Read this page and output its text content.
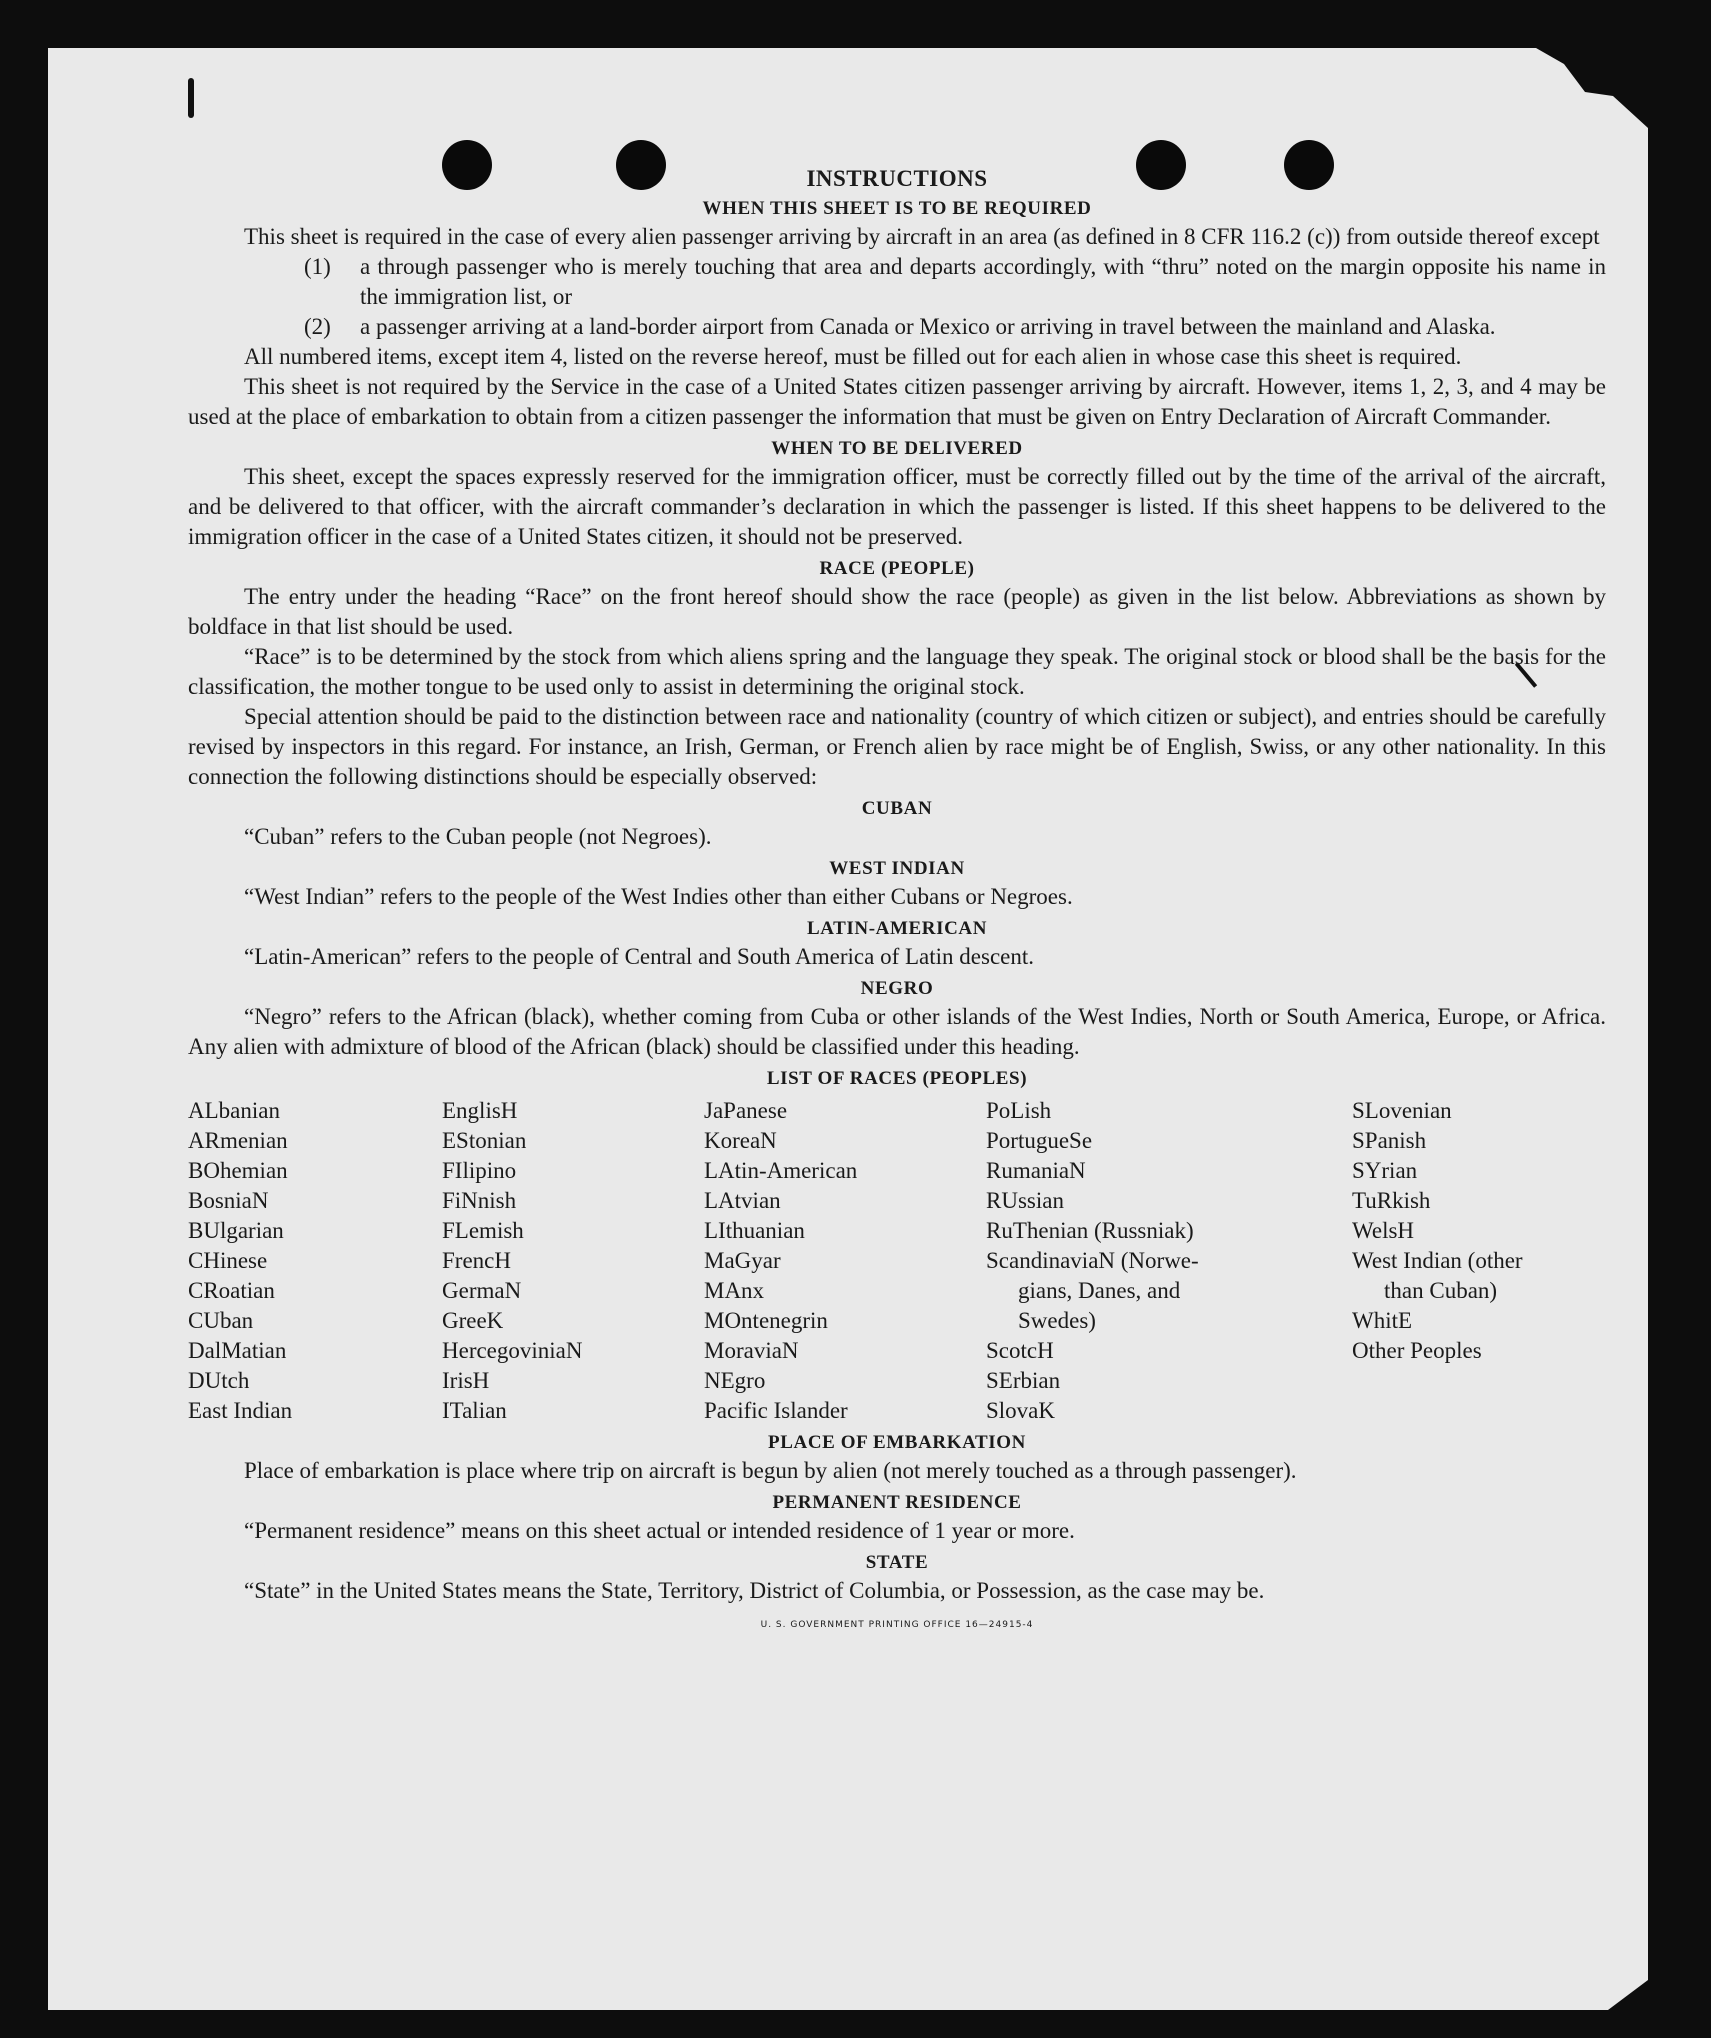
INSTRUCTIONS
WHEN THIS SHEET IS TO BE REQUIRED

This sheet is required in the case of every alien passenger arriving by aircraft in an area (as defined in 8 CFR 116.2 (c)) from outside thereof except

(1)	a through passenger who is merely touching that area and departs accordingly, with “thru” noted on the margin opposite his name in the immigration list, or
(2)	a passenger arriving at a land-border airport from Canada or Mexico or arriving in travel between the mainland and Alaska.

All numbered items, except item 4, listed on the reverse hereof, must be filled out for each alien in whose case this sheet is required.

This sheet is not required by the Service in the case of a United States citizen passenger arriving by aircraft. However, items 1, 2, 3, and 4 may be used at the place of embarkation to obtain from a citizen passenger the information that must be given on Entry Declaration of Aircraft Commander.

WHEN TO BE DELIVERED

This sheet, except the spaces expressly reserved for the immigration officer, must be correctly filled out by the time of the arrival of the aircraft, and be delivered to that officer, with the aircraft commander’s declaration in which the passenger is listed. If this sheet happens to be delivered to the immigration officer in the case of a United States citizen, it should not be preserved.

RACE (PEOPLE)

The entry under the heading “Race” on the front hereof should show the race (people) as given in the list below. Abbreviations as shown by boldface in that list should be used.

“Race” is to be determined by the stock from which aliens spring and the language they speak. The original stock or blood shall be the basis for the classification, the mother tongue to be used only to assist in determining the original stock.

Special attention should be paid to the distinction between race and nationality (country of which citizen or subject), and entries should be carefully revised by inspectors in this regard. For instance, an Irish, German, or French alien by race might be of English, Swiss, or any other nationality. In this connection the following distinctions should be especially observed:

CUBAN

“Cuban” refers to the Cuban people (not Negroes).

WEST INDIAN

“West Indian” refers to the people of the West Indies other than either Cubans or Negroes.

LATIN-AMERICAN

“Latin-American” refers to the people of Central and South America of Latin descent.

NEGRO

“Negro” refers to the African (black), whether coming from Cuba or other islands of the West Indies, North or South America, Europe, or Africa. Any alien with admixture of blood of the African (black) should be classified under this heading.

LIST OF RACES (PEOPLES)
ALbanian
ARmenian
BOhemian
BosniaN
BUlgarian
CHinese
CRoatian
CUban
DalMatian
DUtch
East Indian
EnglisH
EStonian
FIlipino
FiNnish
FLemish
FrencH
GermaN
GreeK
HercegoviniaN
IrisH
ITalian
JaPanese
KoreaN
LAtin-American
LAtvian
LIthuanian
MaGyar
MAnx
MOntenegrin
MoraviaN
NEgro
Pacific Islander
PoLish
PortugueSe
RumaniaN
RUssian
RuThenian (Russniak)
ScandinaviaN (Norwe-
gians, Danes, and
Swedes)
ScotcH
SErbian
SlovaK
SLovenian
SPanish
SYrian
TuRkish
WelsH
West Indian (other
than Cuban)
WhitE
Other Peoples
PLACE OF EMBARKATION

Place of embarkation is place where trip on aircraft is begun by alien (not merely touched as a through passenger).

PERMANENT RESIDENCE

“Permanent residence” means on this sheet actual or intended residence of 1 year or more.

STATE

“State” in the United States means the State, Territory, District of Columbia, or Possession, as the case may be.

U. S. GOVERNMENT PRINTING OFFICE 16—24915-4
